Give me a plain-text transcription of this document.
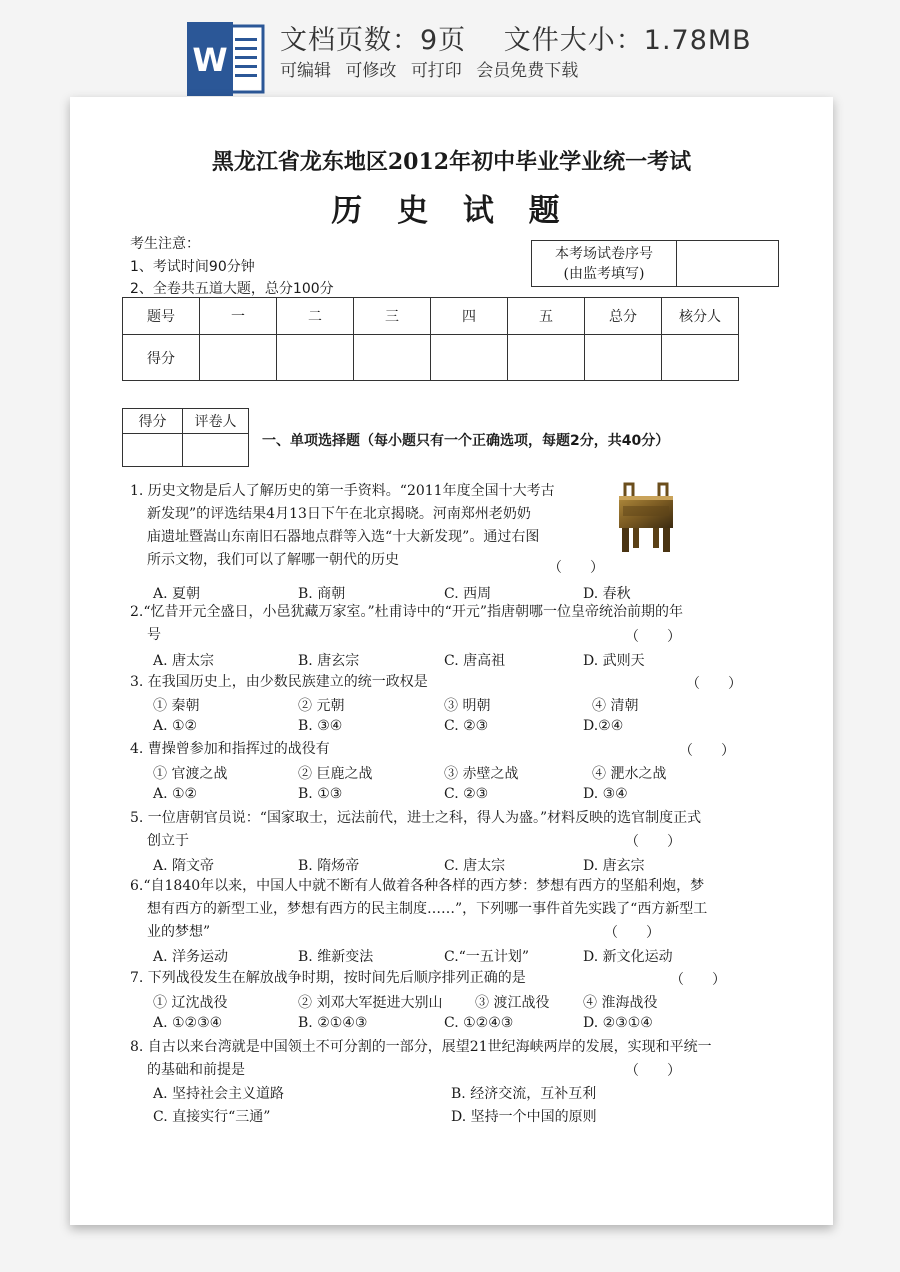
W
文档页数：9页　 文件大小：1.78MB
可编辑 可修改 可打印 会员免费下载
黑龙江省龙东地区2012年初中毕业学业统一考试
历 史 试 题
考生注意：
1、考试时间90分钟
2、全卷共五道大题，总分100分
本考场试卷序号
(由监考填写)

题号	一	二	三	四	五	总分	核分人
得分							
得分	评卷人

一、单项选择题（每小题只有一个正确选项，每题2分，共40分）
1. 历史文物是后人了解历史的第一手资料。“2011年度全国十大考古
新发现”的评选结果4月13日下午在北京揭晓。河南郑州老奶奶
庙遗址暨嵩山东南旧石器地点群等入选“十大新发现”。通过右图
所示文物，我们可以了解哪一朝代的历史	（　　）
A. 夏朝	B. 商朝	C. 西周	D. 春秋
2.“忆昔开元全盛日，小邑犹藏万家室。”杜甫诗中的“开元”指唐朝哪一位皇帝统治前期的年
号	（　　）
A. 唐太宗	B. 唐玄宗	C. 唐高祖	D. 武则天
3. 在我国历史上，由少数民族建立的统一政权是	（　　）
① 秦朝	② 元朝	③ 明朝	④ 清朝
A. ①②	B. ③④	C. ②③	D.②④
4. 曹操曾参加和指挥过的战役有	（　　）
① 官渡之战	② 巨鹿之战	③ 赤壁之战	④ 淝水之战
A. ①②	B. ①③	C. ②③	D. ③④
5. 一位唐朝官员说：“国家取士，远法前代，进士之科，得人为盛。”材料反映的选官制度正式
创立于	（　　）
A. 隋文帝	B. 隋炀帝	C. 唐太宗	D. 唐玄宗
6.“自1840年以来，中国人中就不断有人做着各种各样的西方梦：梦想有西方的坚船利炮，梦
想有西方的新型工业，梦想有西方的民主制度……”，下列哪一事件首先实践了“西方新型工
业的梦想”	（　　）
A. 洋务运动	B. 维新变法	C.“一五计划”	D. 新文化运动
7. 下列战役发生在解放战争时期，按时间先后顺序排列正确的是	（　　）
① 辽沈战役	② 刘邓大军挺进大别山 ③ 渡江战役 ④ 淮海战役
A. ①②③④	B. ②①④③	C. ①②④③	D. ②③①④
8. 自古以来台湾就是中国领土不可分割的一部分，展望21世纪海峡两岸的发展，实现和平统一
的基础和前提是	（　　）
A. 坚持社会主义道路	B. 经济交流，互补互利
C. 直接实行“三通”	D. 坚持一个中国的原则
